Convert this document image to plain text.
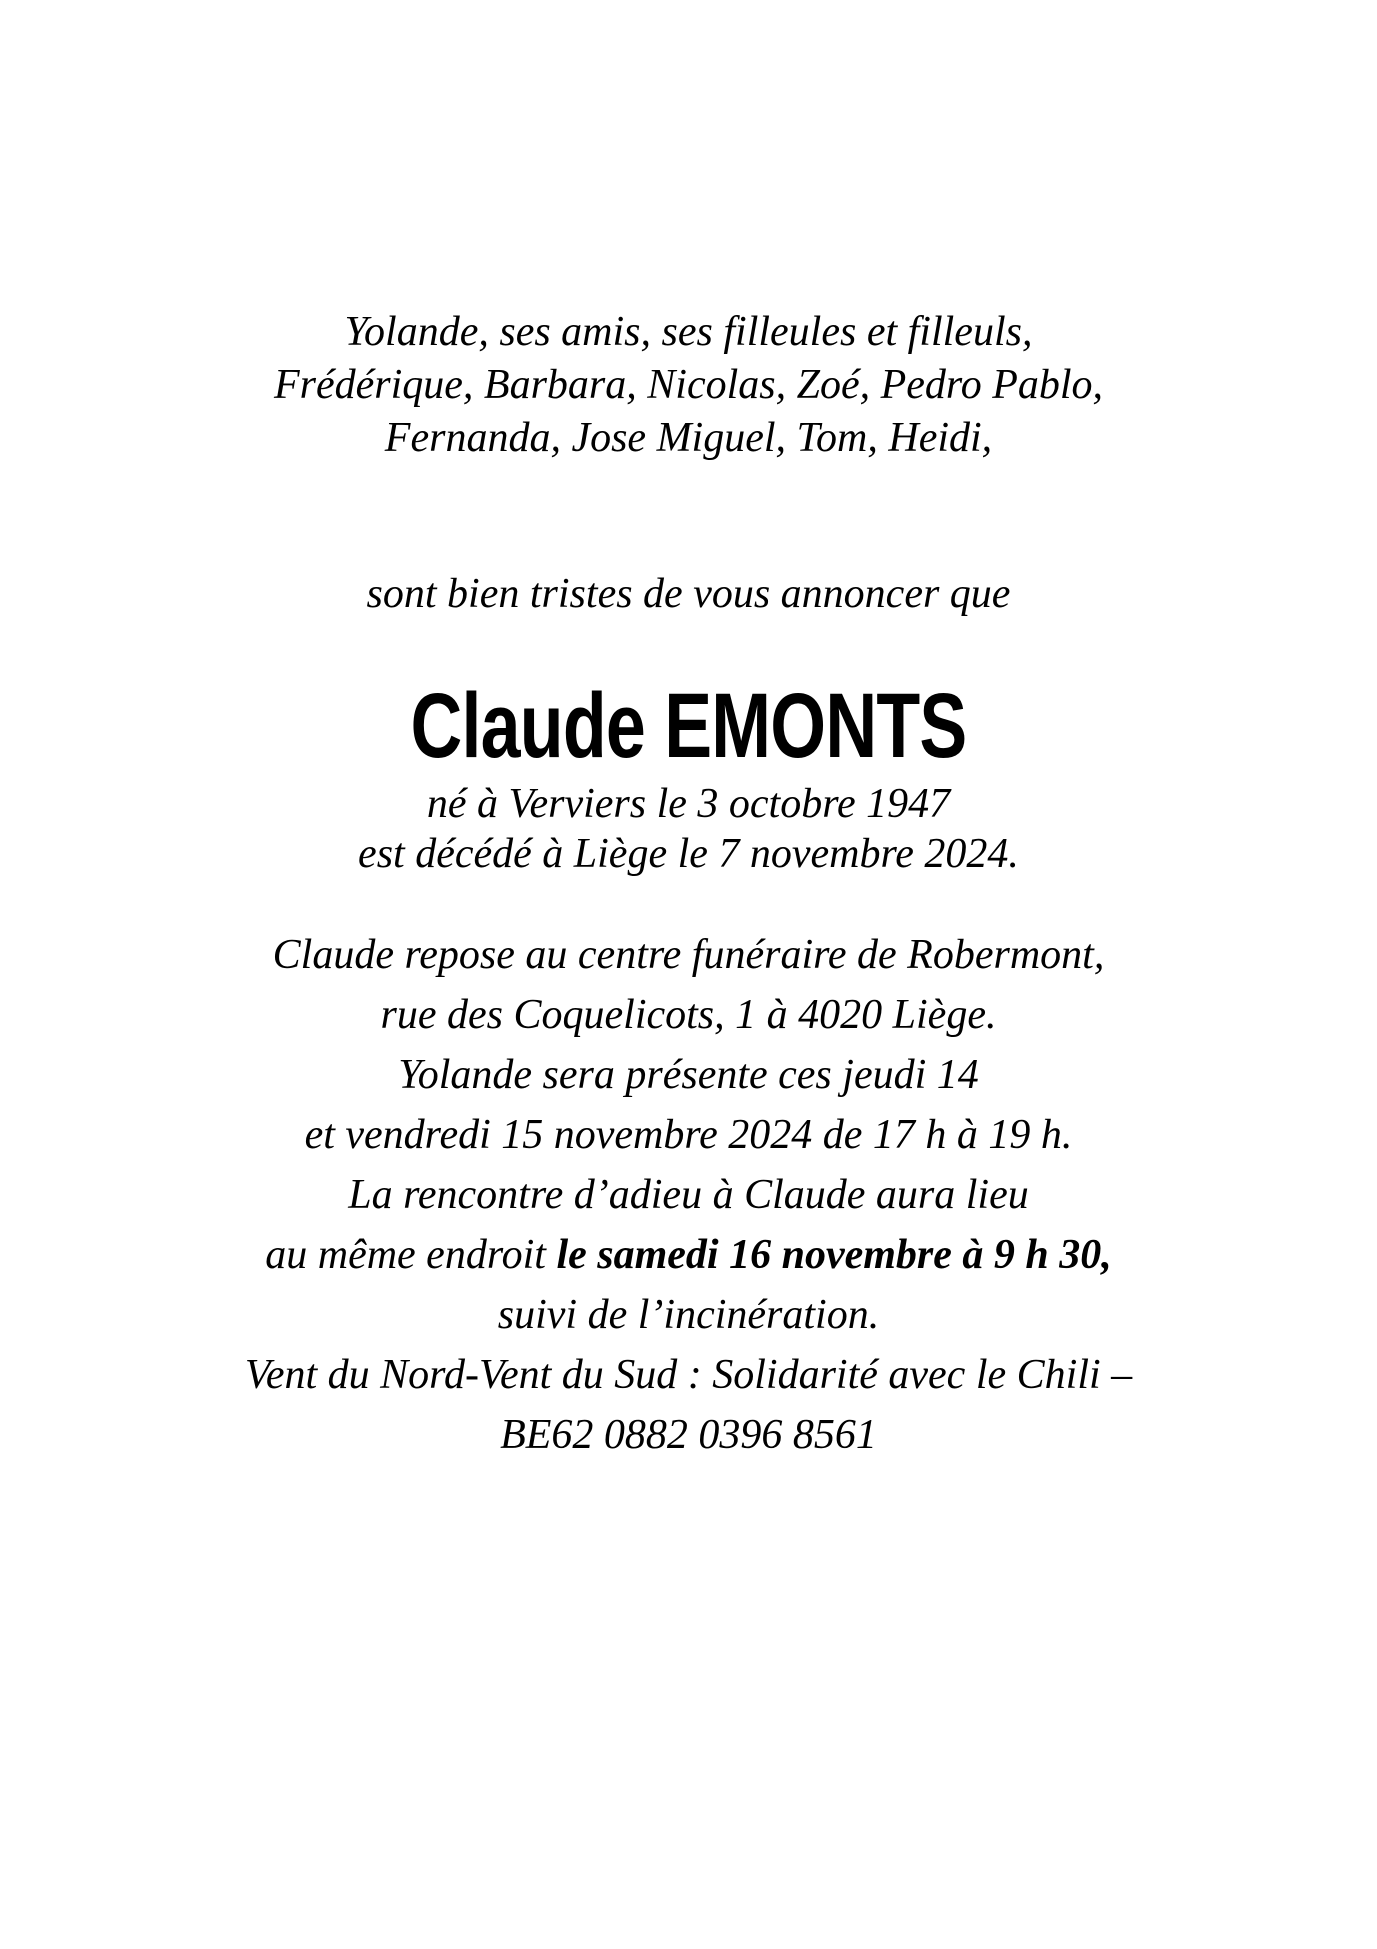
Yolande, ses amis, ses filleules et filleuls,
Frédérique, Barbara, Nicolas, Zoé, Pedro Pablo,
Fernanda, Jose Miguel, Tom, Heidi,

sont bien tristes de vous annoncer que

Claude EMONTS

né à Verviers le 3 octobre 1947
est décédé à Liège le 7 novembre 2024.

Claude repose au centre funéraire de Robermont,
rue des Coquelicots, 1 à 4020 Liège.
Yolande sera présente ces jeudi 14
et vendredi 15 novembre 2024 de 17 h à 19 h.
La rencontre d’adieu à Claude aura lieu
au même endroit le samedi 16 novembre à 9 h 30,
suivi de l’incinération.
Vent du Nord-Vent du Sud : Solidarité avec le Chili –
BE62 0882 0396 8561
